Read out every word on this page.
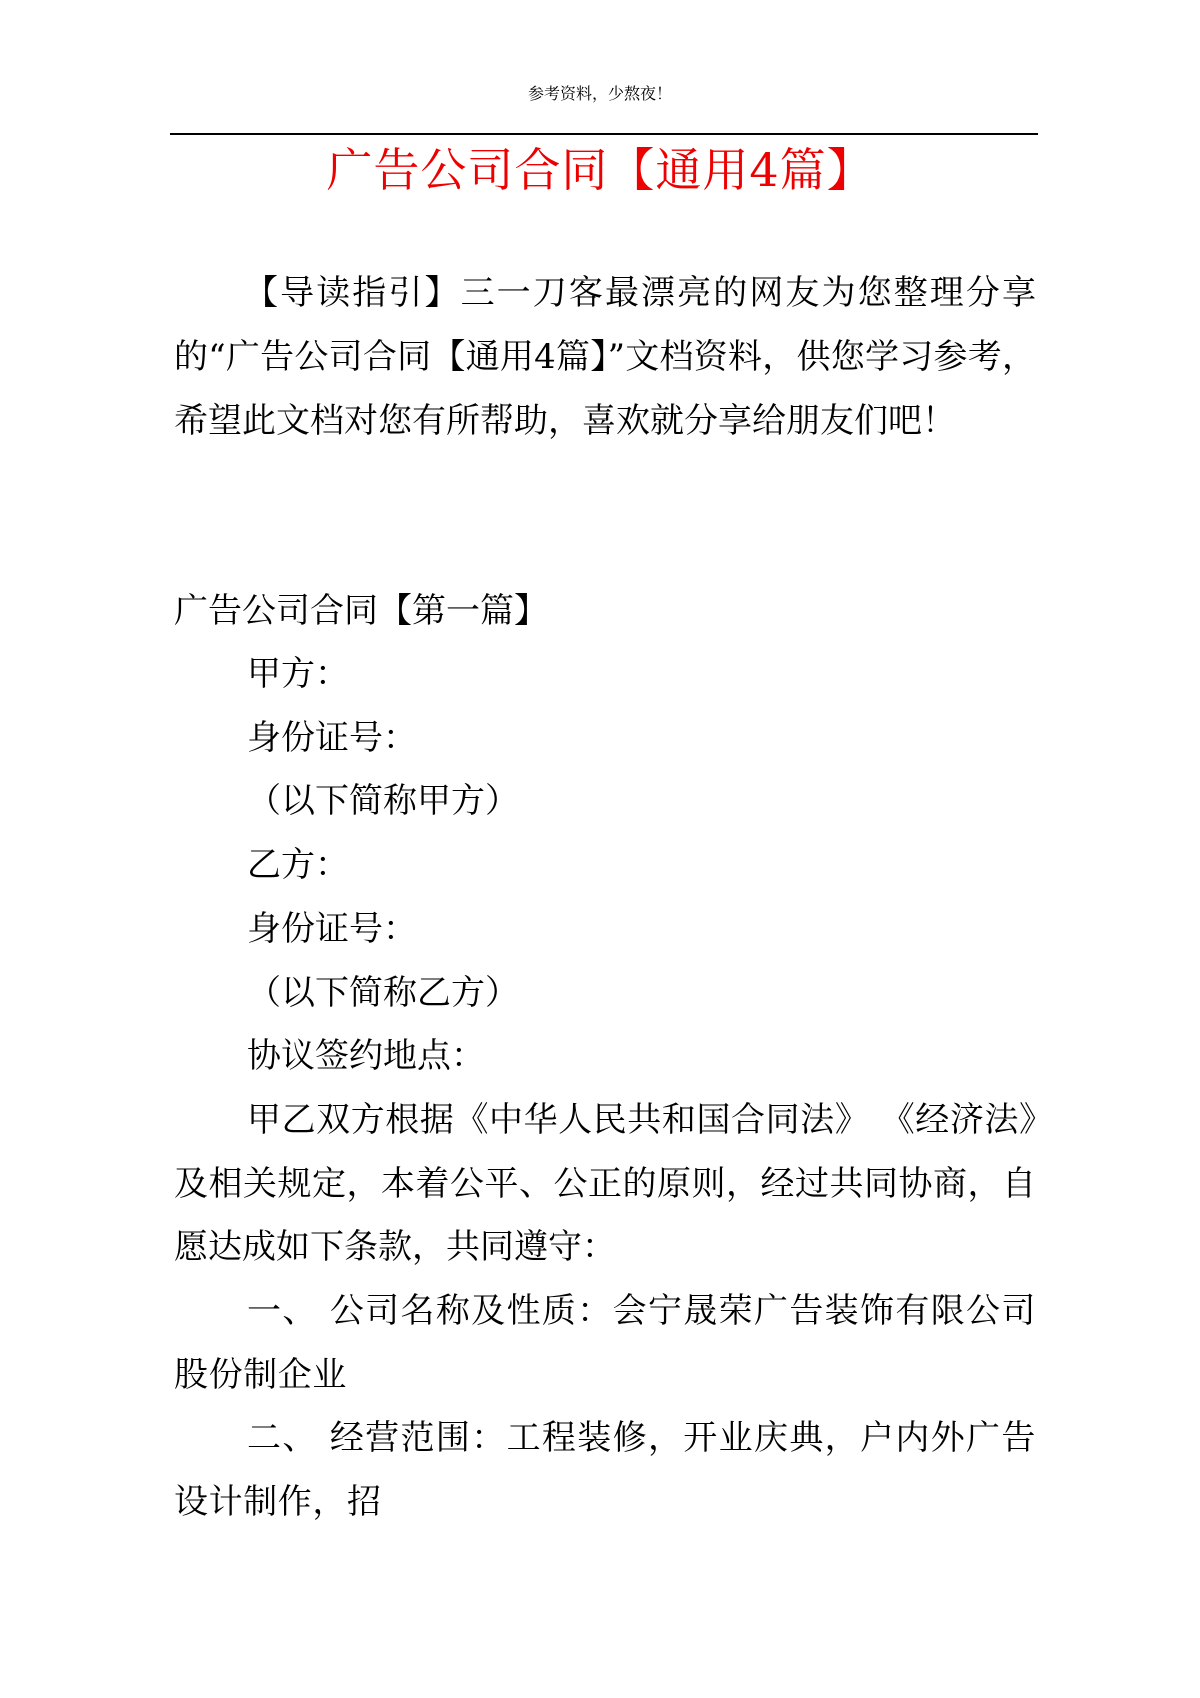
参考资料，少熬夜！
广告公司合同【通用4篇】

【导读指引】三一刀客最漂亮的网友为您整理分享的“广告公司合同【通用4篇】”文档资料，供您学习参考，希望此文档对您有所帮助，喜欢就分享给朋友们吧！

广告公司合同【第一篇】

甲方：

身份证号：

（以下简称甲方）

乙方：

身份证号：

（以下简称乙方）

协议签约地点：

甲乙双方根据《中华人民共和国合同法》 《经济法》及相关规定，本着公平、公正的原则，经过共同协商，自愿达成如下条款，共同遵守：

一、 公司名称及性质：会宁晟荣广告装饰有限公司 股份制企业

二、 经营范围：工程装修，开业庆典，户内外广告设计制作，招
